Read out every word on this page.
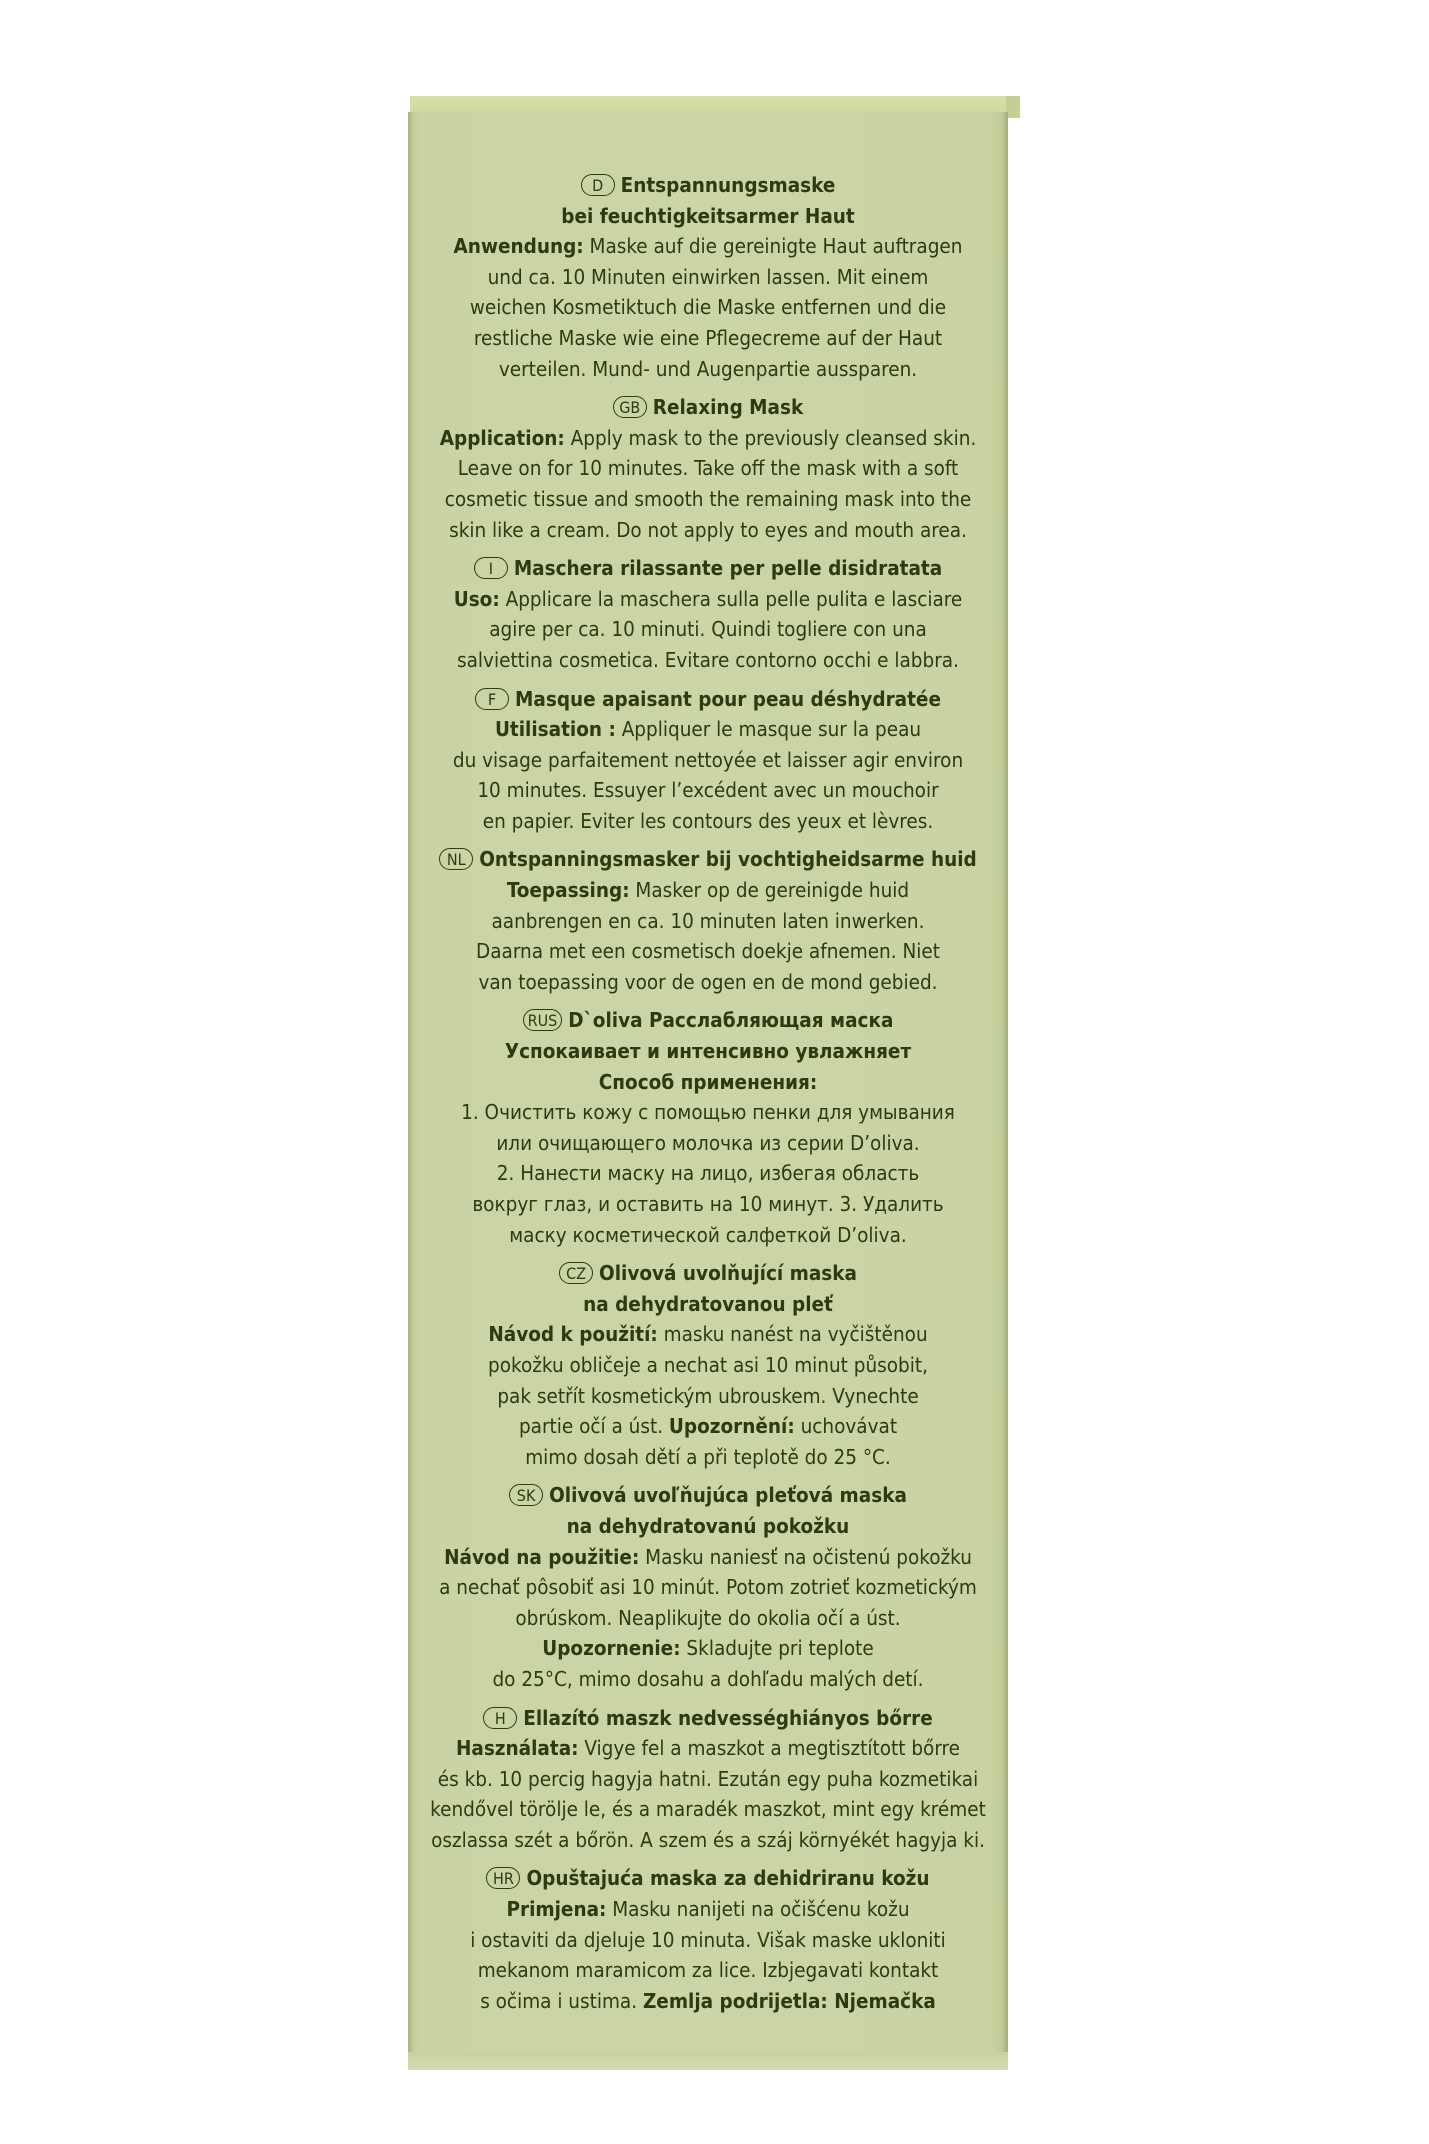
D Entspannungsmaske
bei feuchtigkeitsarmer Haut
Anwendung: Maske auf die gereinigte Haut auftragen
und ca. 10 Minuten einwirken lassen. Mit einem
weichen Kosmetiktuch die Maske entfernen und die
restliche Maske wie eine Pflegecreme auf der Haut
verteilen. Mund- und Augenpartie aussparen.
GB Relaxing Mask
Application: Apply mask to the previously cleansed skin.
Leave on for 10 minutes. Take off the mask with a soft
cosmetic tissue and smooth the remaining mask into the
skin like a cream. Do not apply to eyes and mouth area.
I Maschera rilassante per pelle disidratata
Uso: Applicare la maschera sulla pelle pulita e lasciare
agire per ca. 10 minuti. Quindi togliere con una
salviettina cosmetica. Evitare contorno occhi e labbra.
F Masque apaisant pour peau déshydratée
Utilisation : Appliquer le masque sur la peau
du visage parfaitement nettoyée et laisser agir environ
10 minutes. Essuyer l’excédent avec un mouchoir
en papier. Eviter les contours des yeux et lèvres.
NL Ontspanningsmasker bij vochtigheidsarme huid
Toepassing: Masker op de gereinigde huid
aanbrengen en ca. 10 minuten laten inwerken.
Daarna met een cosmetisch doekje afnemen. Niet
van toepassing voor de ogen en de mond gebied.
RUS D`oliva Расслабляющая маска
Успокаивает и интенсивно увлажняет
Способ применения:
1. Очистить кожу с помощью пенки для умывания
или очищающего молочка из серии D’oliva.
2. Нанести маску на лицо, избегая область
вокруг глаз, и оставить на 10 минут. 3. Удалить
маску косметической салфеткой D’oliva.
CZ Olivová uvolňující maska
na dehydratovanou pleť
Návod k použití: masku nanést na vyčištěnou
pokožku obličeje a nechat asi 10 minut působit,
pak setřít kosmetickým ubrouskem. Vynechte
partie očí a úst. Upozornění: uchovávat
mimo dosah dětí a při teplotě do 25 °C.
SK Olivová uvoľňujúca pleťová maska
na dehydratovanú pokožku
Návod na použitie: Masku naniesť na očistenú pokožku
a nechať pôsobiť asi 10 minút. Potom zotrieť kozmetickým
obrúskom. Neaplikujte do okolia očí a úst.
Upozornenie: Skladujte pri teplote
do 25°C, mimo dosahu a dohľadu malých detí.
H Ellazító maszk nedvességhiányos bőrre
Használata: Vigye fel a maszkot a megtisztított bőrre
és kb. 10 percig hagyja hatni. Ezután egy puha kozmetikai
kendővel törölje le, és a maradék maszkot, mint egy krémet
oszlassa szét a bőrön. A szem és a száj környékét hagyja ki.
HR Opuštajuća maska za dehidriranu kožu
Primjena: Masku nanijeti na očišćenu kožu
i ostaviti da djeluje 10 minuta. Višak maske ukloniti
mekanom maramicom za lice. Izbjegavati kontakt
s očima i ustima. Zemlja podrijetla: Njemačka
